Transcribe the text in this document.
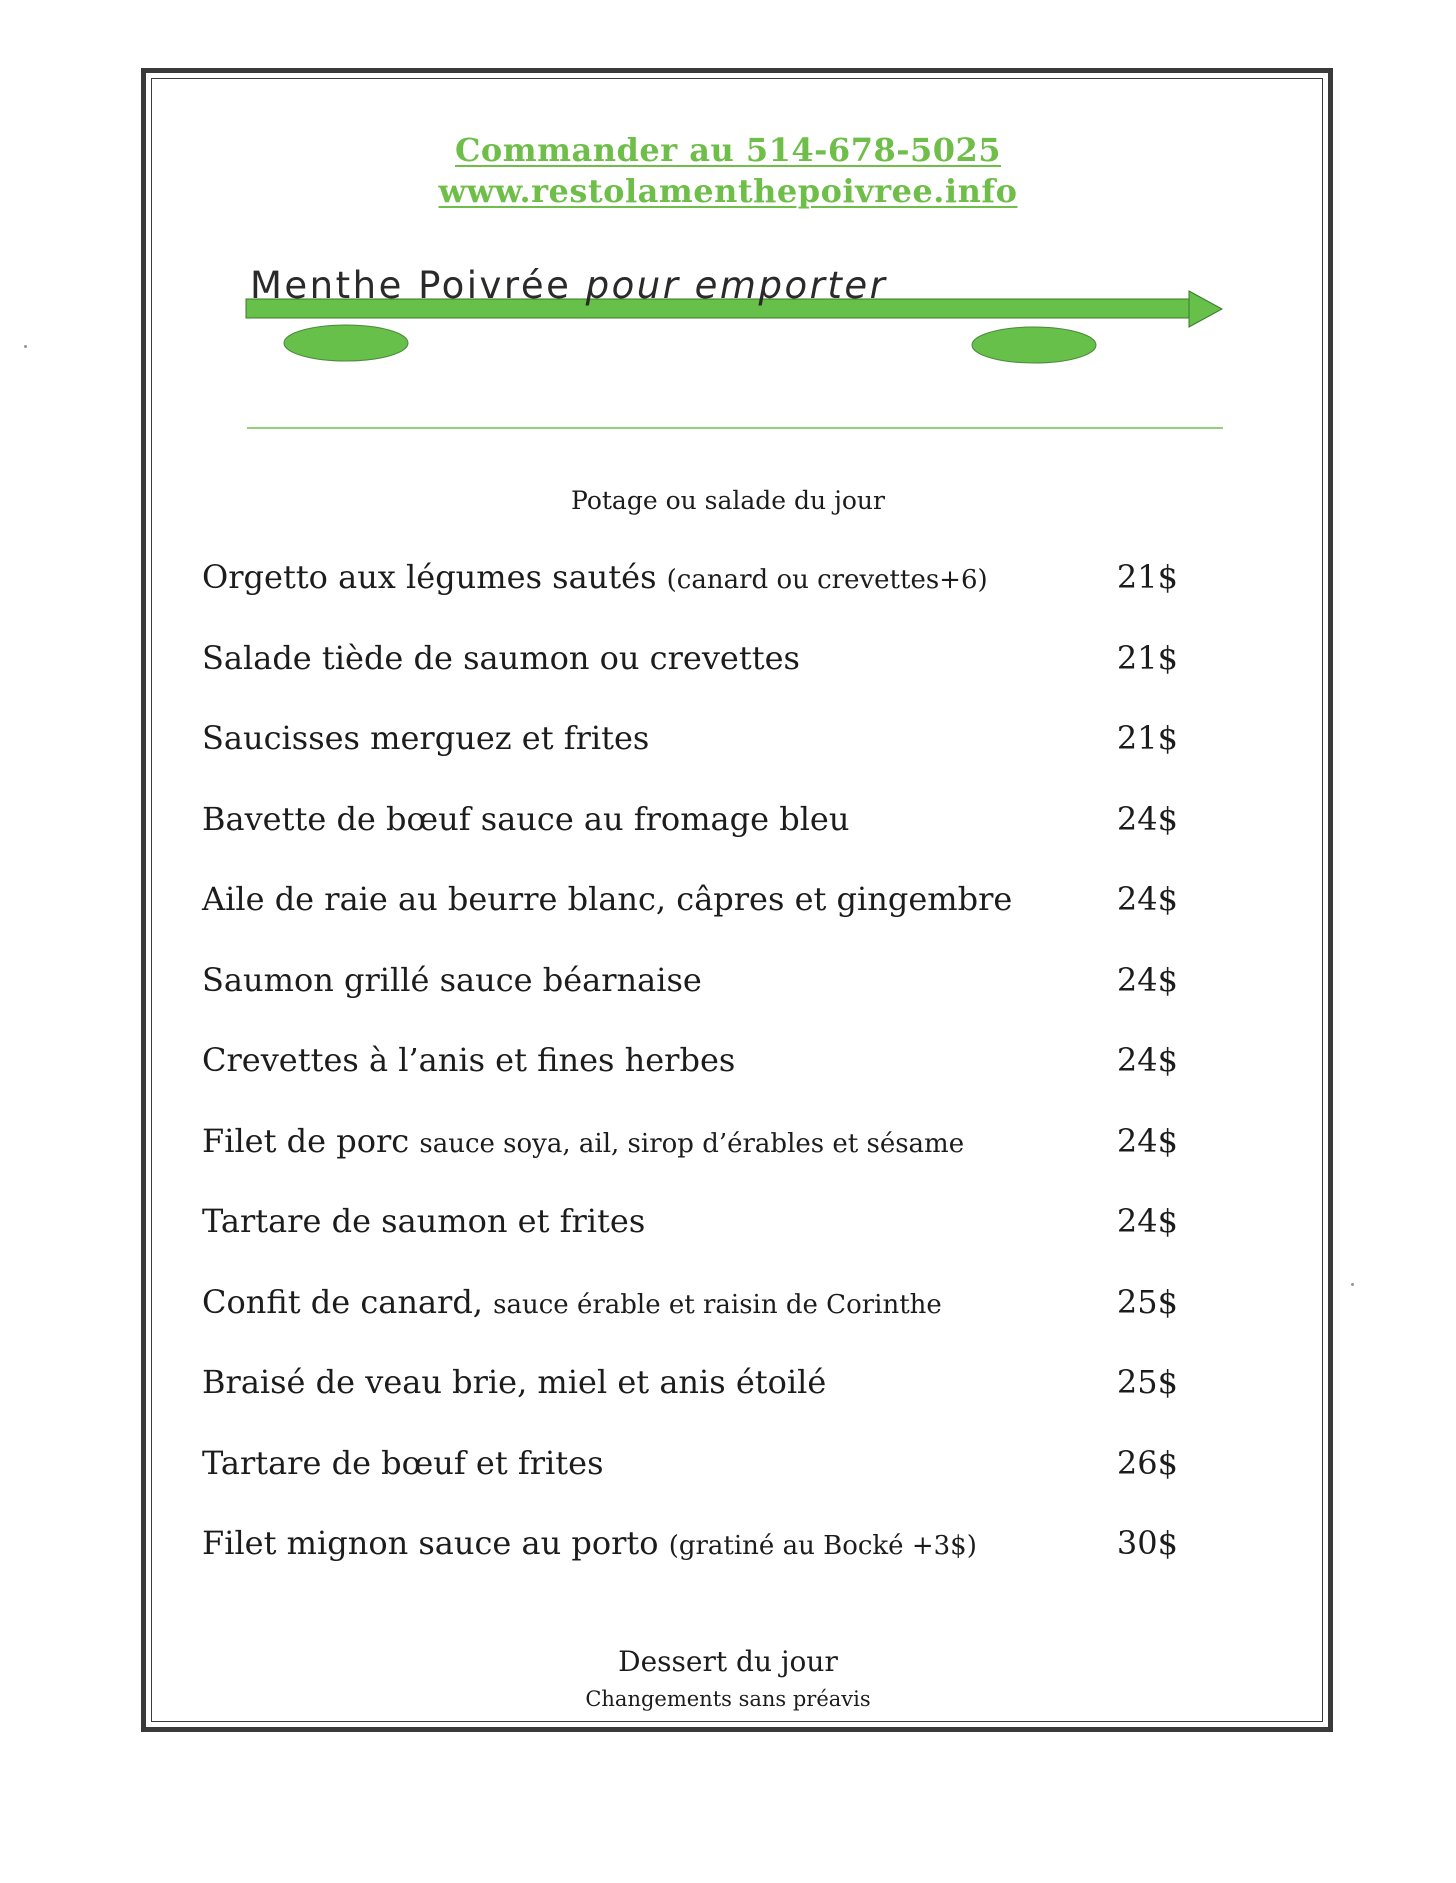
Commander au 514-678-5025
www.restolamenthepoivree.info
Menthe Poivrée pour emporter
Potage ou salade du jour
Orgetto aux légumes sautés (canard ou crevettes+6)	21$
Salade tiède de saumon ou crevettes	21$
Saucisses merguez et frites	21$
Bavette de bœuf sauce au fromage bleu	24$
Aile de raie au beurre blanc, câpres et gingembre	24$
Saumon grillé sauce béarnaise	24$
Crevettes à l’anis et fines herbes	24$
Filet de porc sauce soya, ail, sirop d’érables et sésame	24$
Tartare de saumon et frites	24$
Confit de canard, sauce érable et raisin de Corinthe	25$
Braisé de veau brie, miel et anis étoilé	25$
Tartare de bœuf et frites	26$
Filet mignon sauce au porto (gratiné au Bocké +3$)	30$
Dessert du jour
Changements sans préavis
